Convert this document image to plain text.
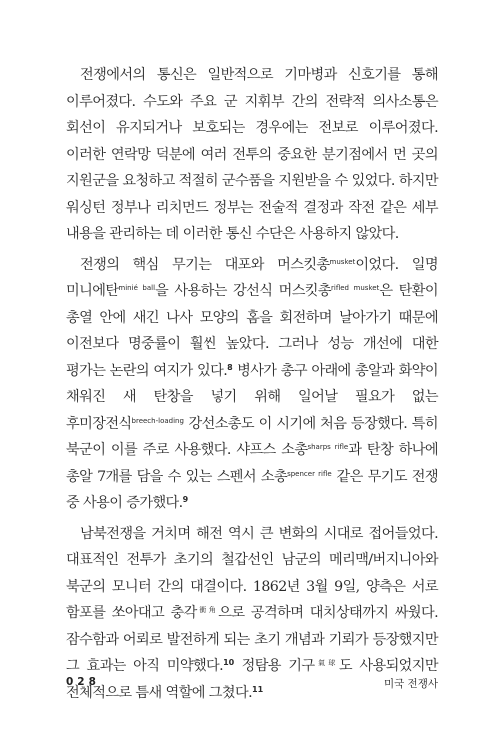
전쟁에서의 통신은 일반적으로 기마병과 신호기를 통해 이루어졌다. 수도와 주요 군 지휘부 간의 전략적 의사소통은 회선이 유지되거나 보호되는 경우에는 전보로 이루어졌다. 이러한 연락망 덕분에 여러 전투의 중요한 분기점에서 먼 곳의 지원군을 요청하고 적절히 군수품을 지원받을 수 있었다. 하지만 워싱턴 정부나 리치먼드 정부는 전술적 결정과 작전 같은 세부 내용을 관리하는 데 이러한 통신 수단은 사용하지 않았다.

전쟁의 핵심 무기는 대포와 머스킷총$^{musket}$이었다. 일명 미니에탄$^{minié ball}$을 사용하는 강선식 머스킷총$^{rifled musket}$은 탄환이 총열 안에 새긴 나사 모양의 홈을 회전하며 날아가기 때문에 이전보다 명중률이 훨씬 높았다. 그러나 성능 개선에 대한 평가는 논란의 여지가 있다.$^8$ 병사가 총구 아래에 총알과 화약이 채워진 새 탄창을 넣기 위해 일어날 필요가 없는 후미장전식$^{breech-loading}$ 강선소총도 이 시기에 처음 등장했다. 특히 북군이 이를 주로 사용했다. 샤프스 소총$^{sharps rifle}$과 탄창 하나에 총알 7개를 담을 수 있는 스펜서 소총$^{spencer rifle}$ 같은 무기도 전쟁 중 사용이 증가했다.$^9$

남북전쟁을 거치며 해전 역시 큰 변화의 시대로 접어들었다. 대표적인 전투가 초기의 철갑선인 남군의 메리맥/버지니아와 북군의 모니터 간의 대결이다. 1862년 3월 9일, 양측은 서로 함포를 쏘아대고 충각$^{衝角}$으로 공격하며 대치상태까지 싸웠다. 잠수함과 어뢰로 발전하게 되는 초기 개념과 기뢰가 등장했지만 그 효과는 아직 미약했다.$^{10}$ 정탐용 기구$^{氣球}$도 사용되었지만 전체적으로 틈새 역할에 그쳤다.$^{11}$

028	미국 전쟁사
